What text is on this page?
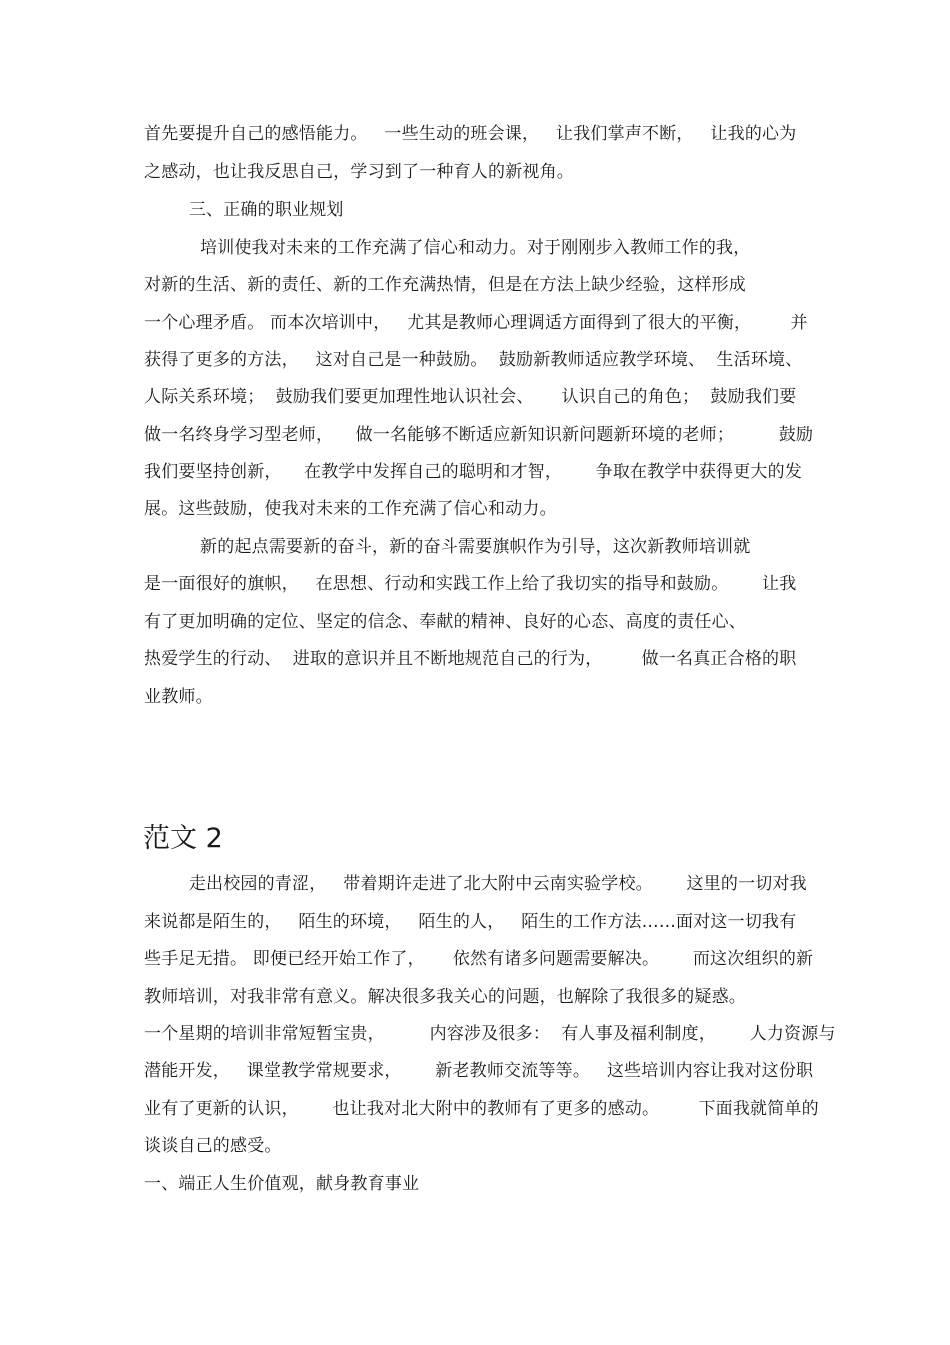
首先要提升自己的感悟能力。   一些生动的班会课，   让我们掌声不断，   让我的心为
之感动，也让我反思自己，学习到了一种育人的新视角。
三、正确的职业规划
培训使我对未来的工作充满了信心和动力。对于刚刚步入教师工作的我，
对新的生活、新的责任、新的工作充满热情，但是在方法上缺少经验，这样形成
一个心理矛盾。 而本次培训中，   尤其是教师心理调适方面得到了很大的平衡，       并
获得了更多的方法，   这对自己是一种鼓励。  鼓励新教师适应教学环境、  生活环境、
人际关系环境；  鼓励我们要更加理性地认识社会、     认识自己的角色；  鼓励我们要
做一名终身学习型老师，    做一名能够不断适应新知识新问题新环境的老师；        鼓励
我们要坚持创新，    在教学中发挥自己的聪明和才智，      争取在教学中获得更大的发
展。这些鼓励，使我对未来的工作充满了信心和动力。
新的起点需要新的奋斗，新的奋斗需要旗帜作为引导，这次新教师培训就
是一面很好的旗帜，   在思想、行动和实践工作上给了我切实的指导和鼓励。      让我
有了更加明确的定位、坚定的信念、奉献的精神、良好的心态、高度的责任心、
热爱学生的行动、  进取的意识并且不断地规范自己的行为，       做一名真正合格的职
业教师。
范文 2
走出校园的青涩，   带着期许走进了北大附中云南实验学校。      这里的一切对我
来说都是陌生的，   陌生的环境，   陌生的人，   陌生的工作方法……面对这一切我有
些手足无措。 即便已经开始工作了，     依然有诸多问题需要解决。      而这次组织的新
教师培训，对我非常有意义。解决很多我关心的问题，也解除了我很多的疑惑。
一个星期的培训非常短暂宝贵，        内容涉及很多：  有人事及福利制度，      人力资源与
潜能开发，   课堂教学常规要求，      新老教师交流等等。   这些培训内容让我对这份职
业有了更新的认识，      也让我对北大附中的教师有了更多的感动。       下面我就简单的
谈谈自己的感受。
一、端正人生价值观，献身教育事业
